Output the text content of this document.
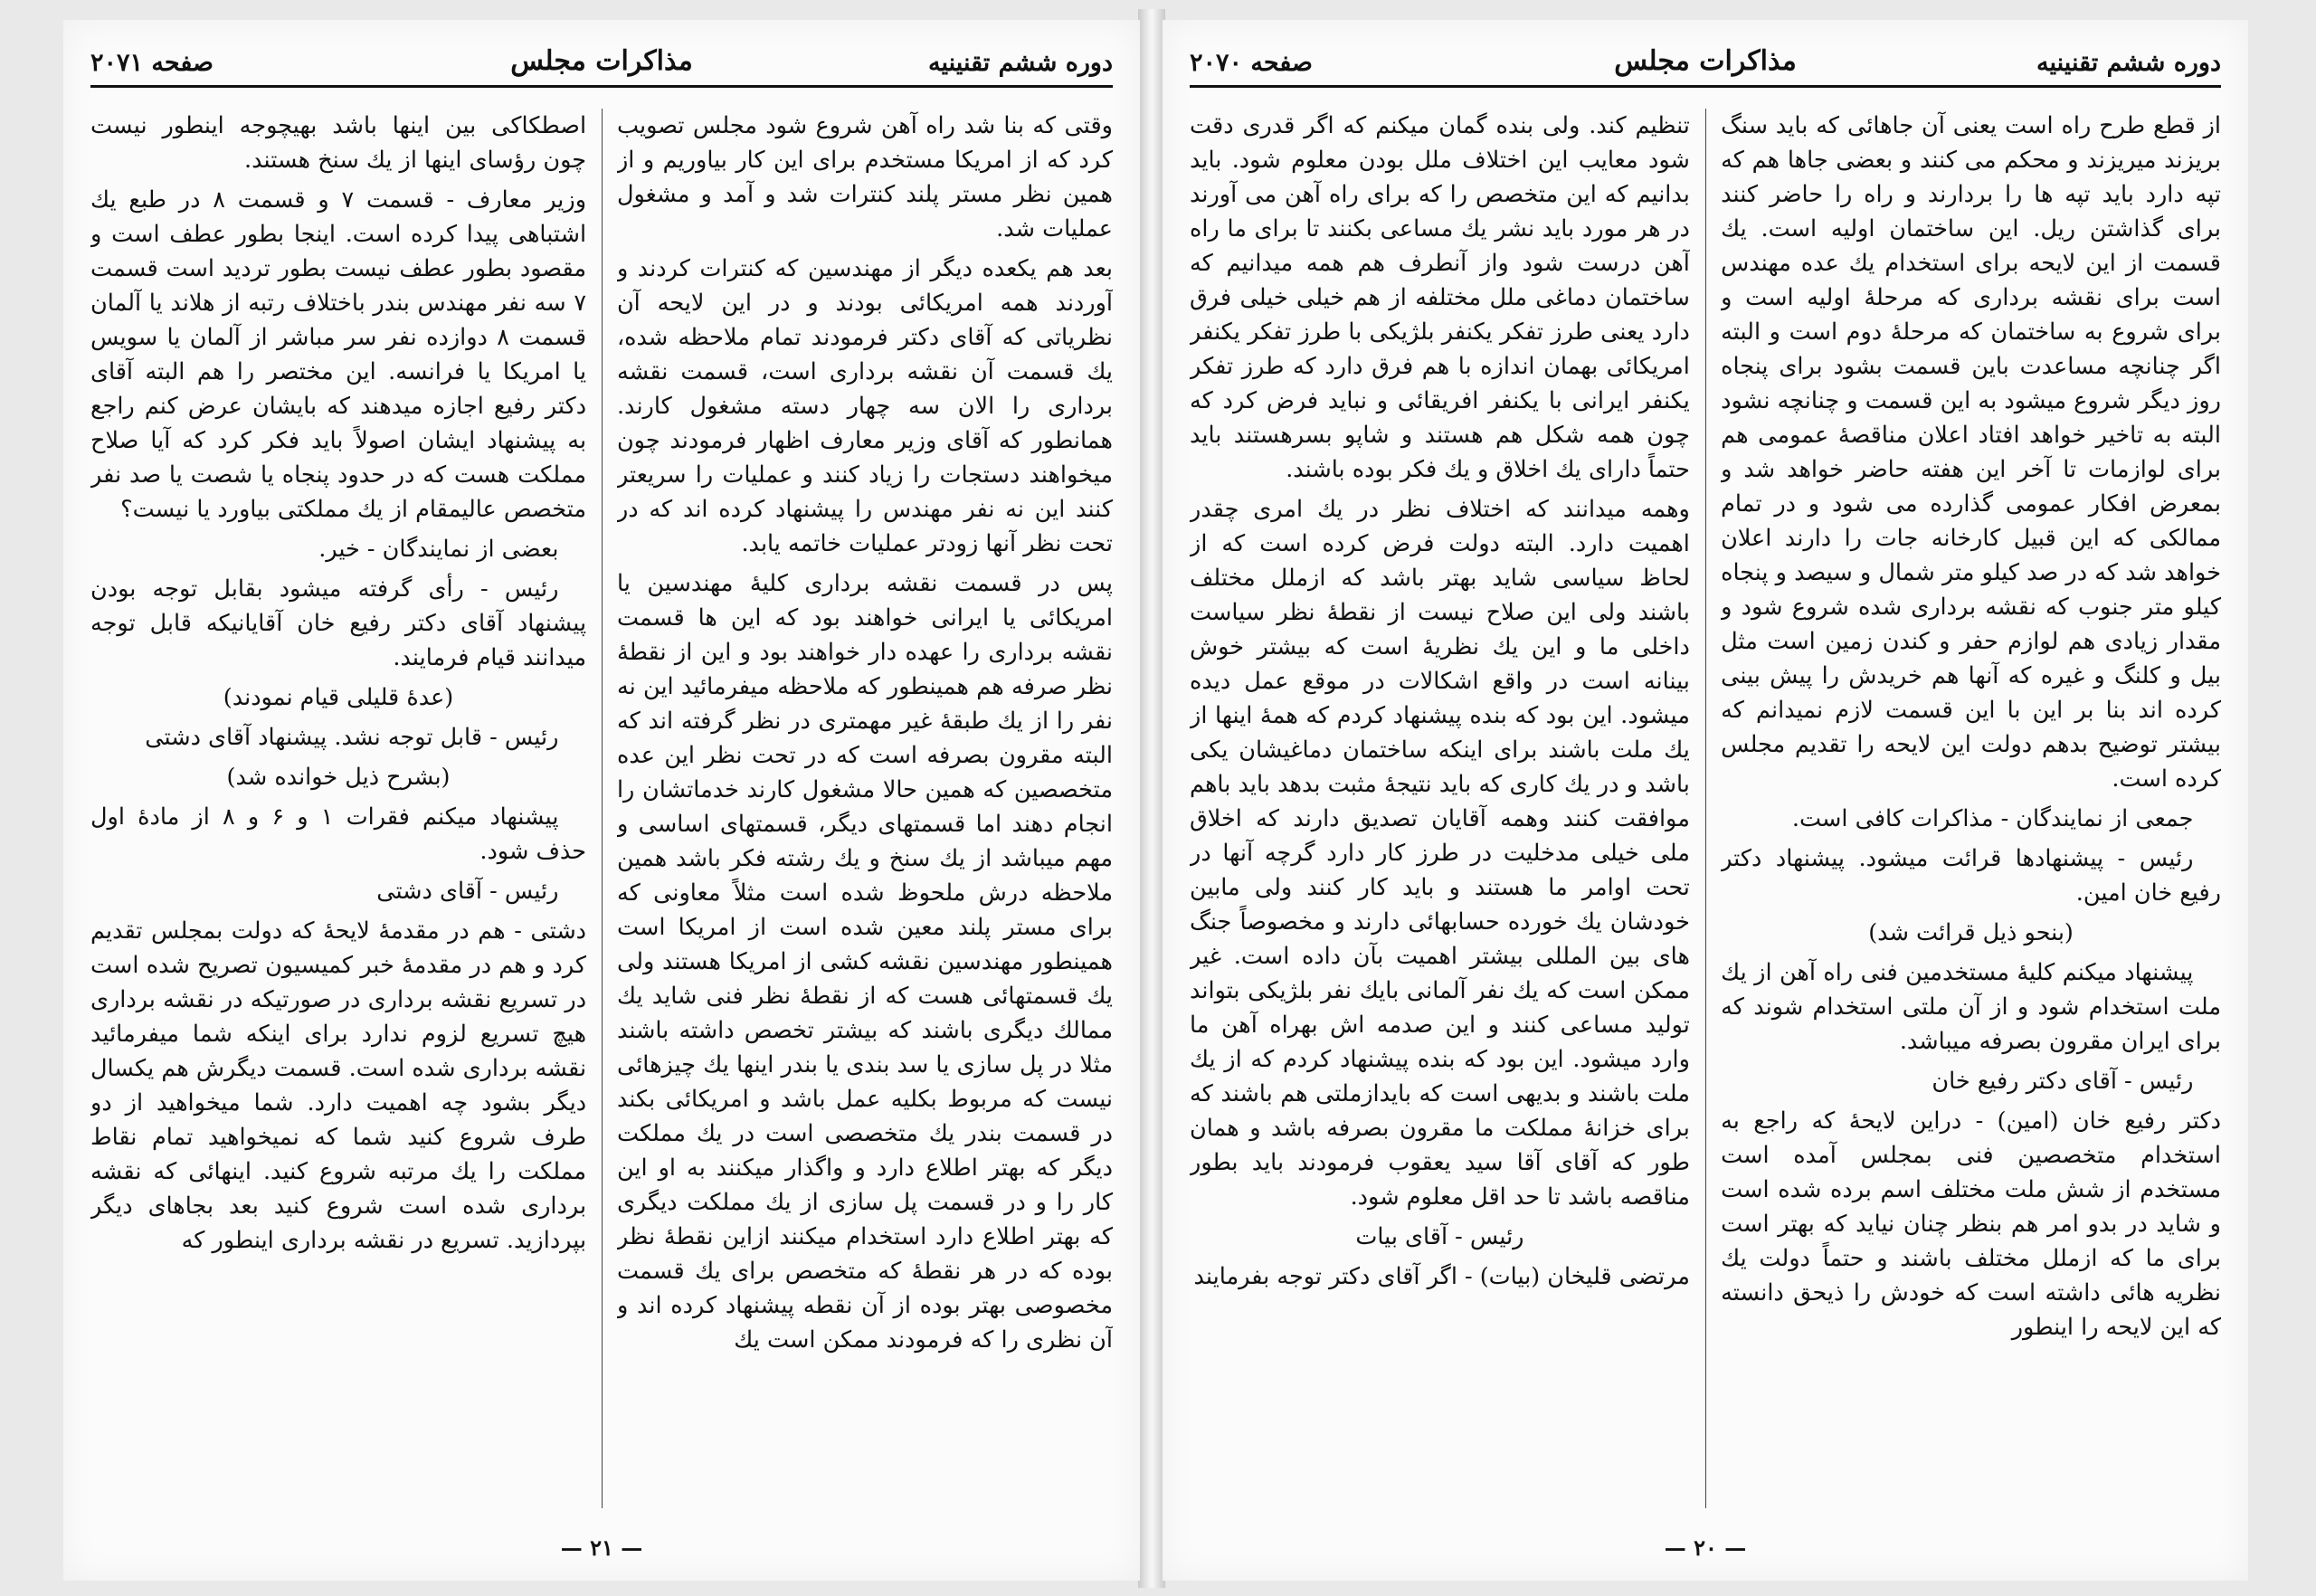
دوره ششم تقنینیه
مذاکرات مجلس
صفحه ۲۰۷۱

وقتی که بنا شد راه آهن شروع شود مجلس تصویب کرد که از امریکا مستخدم برای این کار بیاوریم و از همین نظر مستر پلند کنترات شد و آمد و مشغول عملیات شد.

بعد هم یکعده دیگر از مهندسین که کنترات کردند و آوردند همه امریکائی بودند و در این لایحه آن نظریاتی که آقای دکتر فرمودند تمام ملاحظه شده، یك قسمت آن نقشه برداری است، قسمت نقشه برداری را الان سه چهار دسته مشغول کارند. همانطور که آقای وزیر معارف اظهار فرمودند چون میخواهند دستجات را زیاد کنند و عملیات را سریعتر کنند این نه نفر مهندس را پیشنهاد کرده اند که در تحت نظر آنها زودتر عملیات خاتمه یابد.

پس در قسمت نقشه برداری کلیهٔ مهندسین یا امریکائی یا ایرانی خواهند بود که این ها قسمت نقشه برداری را عهده دار خواهند بود و این از نقطهٔ نظر صرفه هم همینطور که ملاحظه میفرمائید این نه نفر را از یك طبقهٔ غیر مهمتری در نظر گرفته اند که البته مقرون بصرفه است که در تحت نظر این عده متخصصین که همین حالا مشغول کارند خدماتشان را انجام دهند اما قسمتهای دیگر، قسمتهای اساسی و مهم میباشد از یك سنخ و یك رشته فکر باشد همین ملاحظه درش ملحوظ شده است مثلاً معاونی که برای مستر پلند معین شده است از امریکا است همینطور مهندسین نقشه کشی از امریکا هستند ولی یك قسمتهائی هست که از نقطهٔ نظر فنی شاید یك ممالك دیگری باشند که بیشتر تخصص داشته باشند مثلا در پل سازی یا سد بندی یا بندر اینها یك چیزهائی نیست که مربوط بکلیه عمل باشد و امریکائی بکند در قسمت بندر یك متخصصی است در یك مملکت دیگر که بهتر اطلاع دارد و واگذار میکنند به او این کار را و در قسمت پل سازی از یك مملکت دیگری که بهتر اطلاع دارد استخدام میکنند ازاین نقطهٔ نظر بوده که در هر نقطهٔ که متخصص برای یك قسمت مخصوصی بهتر بوده از آن نقطه پیشنهاد کرده اند و آن نظری را که فرمودند ممکن است یك

اصطکاکی بین اینها باشد بهیچوجه اینطور نیست چون رؤسای اینها از یك سنخ هستند.

وزیر معارف - قسمت ۷ و قسمت ۸ در طبع یك اشتباهی پیدا کرده است. اینجا بطور عطف است و مقصود بطور عطف نیست بطور تردید است قسمت ۷ سه نفر مهندس بندر باختلاف رتبه از هلاند یا آلمان قسمت ۸ دوازده نفر سر مباشر از آلمان یا سویس یا امریکا یا فرانسه. این مختصر را هم البته آقای دکتر رفیع اجازه میدهند که بایشان عرض کنم راجع به پیشنهاد ایشان اصولاً باید فکر کرد که آیا صلاح مملکت هست که در حدود پنجاه یا شصت یا صد نفر متخصص عالیمقام از یك مملکتی بیاورد یا نیست؟

بعضی از نمایندگان - خیر.

رئیس - رأی گرفته میشود بقابل توجه بودن پیشنهاد آقای دکتر رفیع خان آقایانیکه قابل توجه میدانند قیام فرمایند.

(عدهٔ قلیلی قیام نمودند)

رئیس - قابل توجه نشد. پیشنهاد آقای دشتی

(بشرح ذیل خوانده شد)

پیشنهاد میکنم فقرات ۱ و ۶ و ۸ از مادهٔ اول حذف شود.

رئیس - آقای دشتی

دشتی - هم در مقدمهٔ لایحهٔ که دولت بمجلس تقدیم کرد و هم در مقدمهٔ خبر کمیسیون تصریح شده است در تسریع نقشه برداری در صورتیکه در نقشه برداری هیچ تسریع لزوم ندارد برای اینکه شما میفرمائید نقشه برداری شده است. قسمت دیگرش هم یکسال دیگر بشود چه اهمیت دارد. شما میخواهید از دو طرف شروع کنید شما که نمیخواهید تمام نقاط مملکت را یك مرتبه شروع کنید. اینهائی که نقشه برداری شده است شروع کنید بعد بجاهای دیگر بپردازید. تسریع در نقشه برداری اینطور که

— ۲۱ —
دوره ششم تقنینیه
مذاکرات مجلس
صفحه ۲۰۷۰

از قطع طرح راه است یعنی آن جاهائی که باید سنگ بریزند میریزند و محکم می کنند و بعضی جاها هم که تپه دارد باید تپه ها را بردارند و راه را حاضر کنند برای گذاشتن ریل. این ساختمان اولیه است. یك قسمت از این لایحه برای استخدام یك عده مهندس است برای نقشه برداری که مرحلهٔ اولیه است و برای شروع به ساختمان که مرحلهٔ دوم است و البته اگر چنانچه مساعدت باین قسمت بشود برای پنجاه روز دیگر شروع میشود به این قسمت و چنانچه نشود البته به تاخیر خواهد افتاد اعلان مناقصهٔ عمومی هم برای لوازمات تا آخر این هفته حاضر خواهد شد و بمعرض افکار عمومی گذارده می شود و در تمام ممالکی که این قبیل کارخانه جات را دارند اعلان خواهد شد که در صد کیلو متر شمال و سیصد و پنجاه کیلو متر جنوب که نقشه برداری شده شروع شود و مقدار زیادی هم لوازم حفر و کندن زمین است مثل بیل و کلنگ و غیره که آنها هم خریدش را پیش بینی کرده اند بنا بر این با این قسمت لازم نمیدانم که بیشتر توضیح بدهم دولت این لایحه را تقدیم مجلس کرده است.

جمعی از نمایندگان - مذاکرات کافی است.

رئیس - پیشنهادها قرائت میشود. پیشنهاد دکتر رفیع خان امین.

(بنحو ذیل قرائت شد)

پیشنهاد میکنم کلیهٔ مستخدمین فنی راه آهن از یك ملت استخدام شود و از آن ملتی استخدام شوند که برای ایران مقرون بصرفه میباشد.

رئیس - آقای دکتر رفیع خان

دکتر رفیع خان (امین) - دراین لایحهٔ که راجع به استخدام متخصصین فنی بمجلس آمده است مستخدم از شش ملت مختلف اسم برده شده است و شاید در بدو امر هم بنظر چنان نیاید که بهتر است برای ما که ازملل مختلف باشند و حتماً دولت یك نظریه هائی داشته است که خودش را ذیحق دانسته که این لایحه را اینطور

تنظیم کند. ولی بنده گمان میکنم که اگر قدری دقت شود معایب این اختلاف ملل بودن معلوم شود. باید بدانیم که این متخصص را که برای راه آهن می آورند در هر مورد باید نشر یك مساعی بکنند تا برای ما راه آهن درست شود واز آنطرف هم همه میدانیم که ساختمان دماغی ملل مختلفه از هم خیلی خیلی فرق دارد یعنی طرز تفکر یکنفر بلژیکی با طرز تفکر یکنفر امریکائی بهمان اندازه با هم فرق دارد که طرز تفکر یکنفر ایرانی با یکنفر افریقائی و نباید فرض کرد که چون همه شکل هم هستند و شاپو بسرهستند باید حتماً دارای یك اخلاق و یك فکر بوده باشند.

وهمه میدانند که اختلاف نظر در یك امری چقدر اهمیت دارد. البته دولت فرض کرده است که از لحاظ سیاسی شاید بهتر باشد که ازملل مختلف باشند ولی این صلاح نیست از نقطهٔ نظر سیاست داخلی ما و این یك نظریهٔ است که بیشتر خوش بینانه است در واقع اشکالات در موقع عمل دیده میشود. این بود که بنده پیشنهاد کردم که همهٔ اینها از یك ملت باشند برای اینکه ساختمان دماغیشان یکی باشد و در یك کاری که باید نتیجهٔ مثبت بدهد باید باهم موافقت کنند وهمه آقایان تصدیق دارند که اخلاق ملی خیلی مدخلیت در طرز کار دارد گرچه آنها در تحت اوامر ما هستند و باید کار کنند ولی مابین خودشان یك خورده حسابهائی دارند و مخصوصاً جنگ های بین المللی بیشتر اهمیت بآن داده است. غیر ممکن است که یك نفر آلمانی بایك نفر بلژیکی بتواند تولید مساعی کنند و این صدمه اش بهراه آهن ما وارد میشود. این بود که بنده پیشنهاد کردم که از یك ملت باشند و بدیهی است که بایدازملتی هم باشند که برای خزانهٔ مملکت ما مقرون بصرفه باشد و همان طور که آقای آقا سید یعقوب فرمودند باید بطور مناقصه باشد تا حد اقل معلوم شود.

رئیس - آقای بیات

مرتضی قلیخان (بیات) - اگر آقای دکتر توجه بفرمایند

— ۲۰ —
